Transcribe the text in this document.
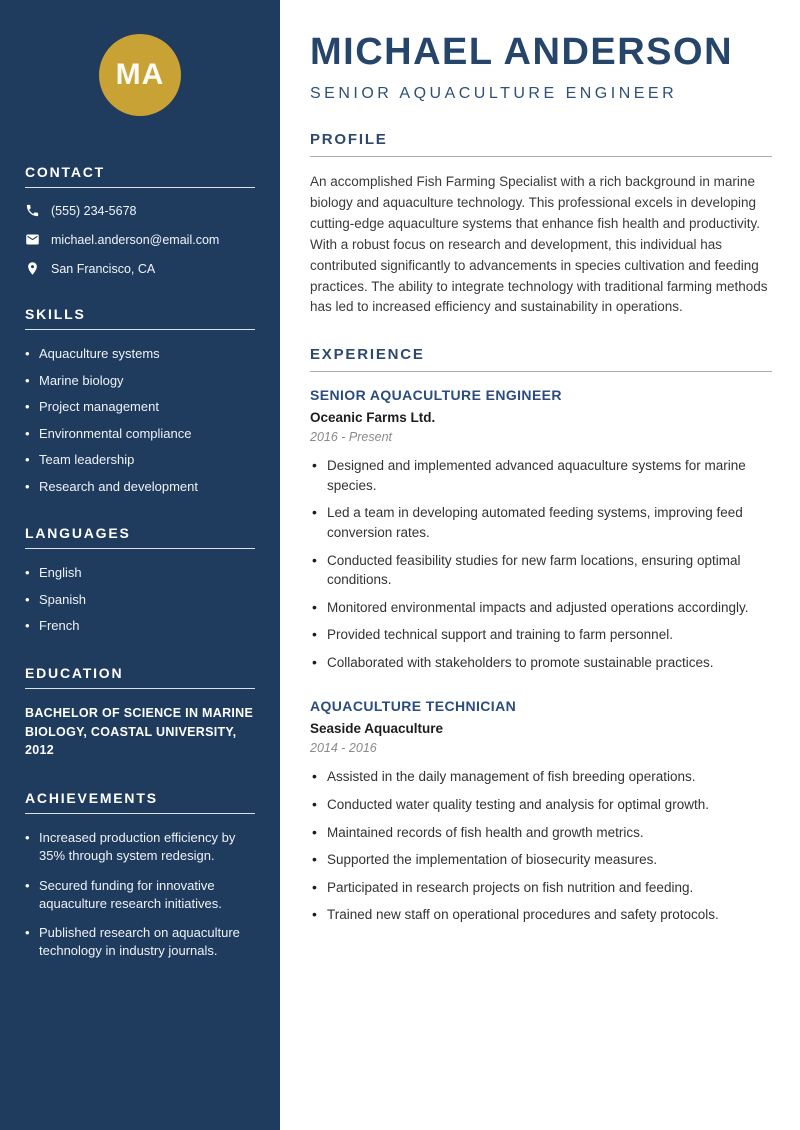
MA
CONTACT
(555) 234-5678
michael.anderson@email.com
San Francisco, CA
SKILLS
• Aquaculture systems
• Marine biology
• Project management
• Environmental compliance
• Team leadership
• Research and development
LANGUAGES
• English
• Spanish
• French
EDUCATION
BACHELOR OF SCIENCE IN MARINE BIOLOGY, COASTAL UNIVERSITY, 2012
ACHIEVEMENTS
• Increased production efficiency by 35% through system redesign.
• Secured funding for innovative aquaculture research initiatives.
• Published research on aquaculture technology in industry journals.
MICHAEL ANDERSON
SENIOR AQUACULTURE ENGINEER
PROFILE

An accomplished Fish Farming Specialist with a rich background in marine biology and aquaculture technology. This professional excels in developing cutting-edge aquaculture systems that enhance fish health and productivity. With a robust focus on research and development, this individual has contributed significantly to advancements in species cultivation and feeding practices. The ability to integrate technology with traditional farming methods has led to increased efficiency and sustainability in operations.

EXPERIENCE
SENIOR AQUACULTURE ENGINEER
Oceanic Farms Ltd.
2016 - Present
• Designed and implemented advanced aquaculture systems for marine species.
• Led a team in developing automated feeding systems, improving feed conversion rates.
• Conducted feasibility studies for new farm locations, ensuring optimal conditions.
• Monitored environmental impacts and adjusted operations accordingly.
• Provided technical support and training to farm personnel.
• Collaborated with stakeholders to promote sustainable practices.
AQUACULTURE TECHNICIAN
Seaside Aquaculture
2014 - 2016
• Assisted in the daily management of fish breeding operations.
• Conducted water quality testing and analysis for optimal growth.
• Maintained records of fish health and growth metrics.
• Supported the implementation of biosecurity measures.
• Participated in research projects on fish nutrition and feeding.
• Trained new staff on operational procedures and safety protocols.
